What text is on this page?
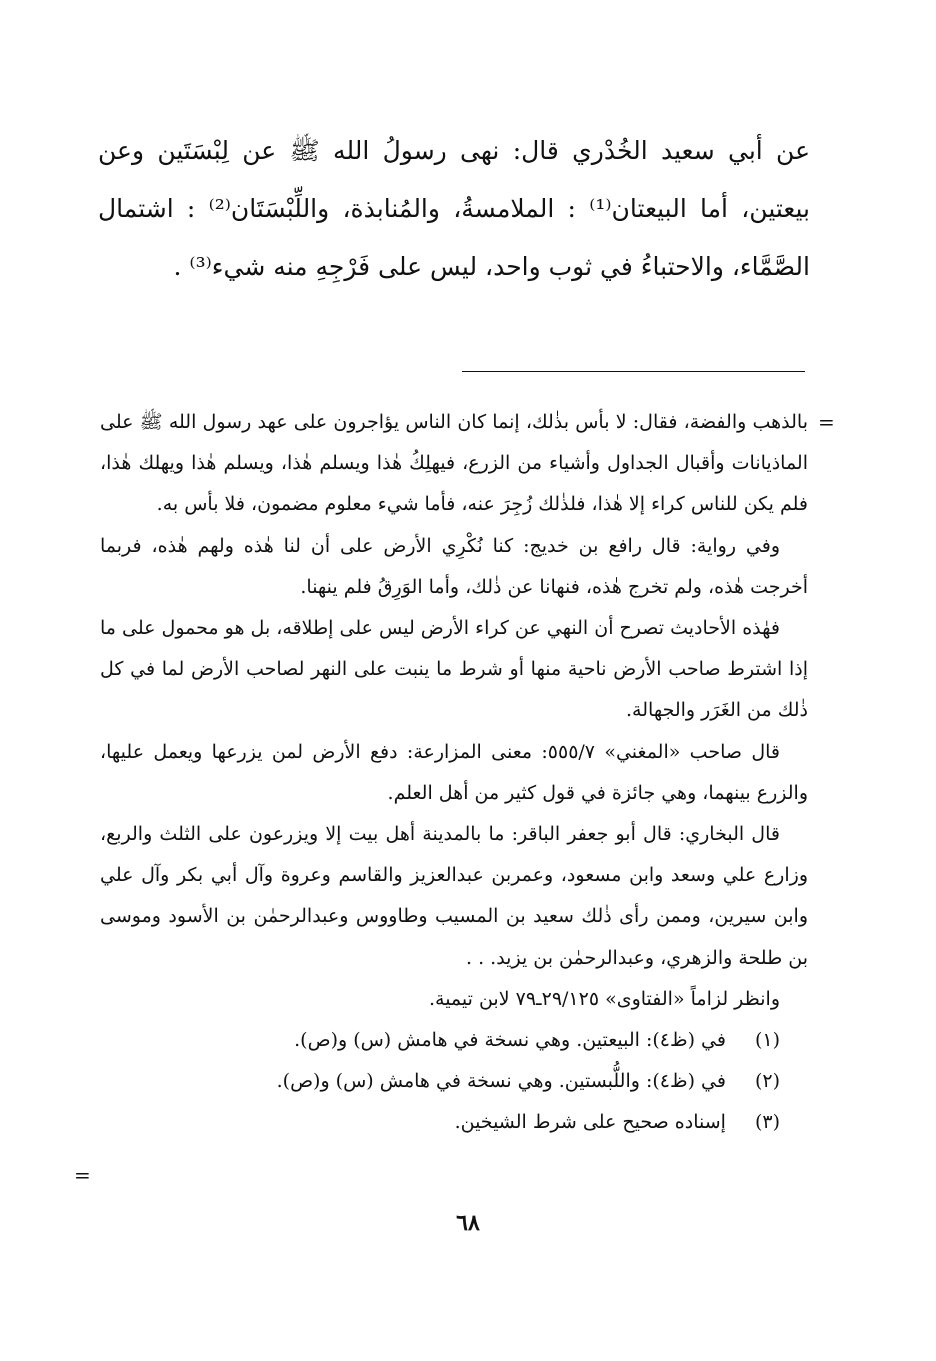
عن أبي سعيد الخُدْري قال: نهى رسولُ الله ﷺ عن لِبْسَتَين وعن بيعتين، أما البيعتان⁽¹⁾ : الملامسةُ، والمُنابذة، واللِّبْسَتَان⁽²⁾ : اشتمال الصَّمَّاء، والاحتباءُ في ثوب واحد، ليس على فَرْجِهِ منه شيء⁽³⁾ .
=

بالذهب والفضة، فقال: لا بأس بذٰلك، إنما كان الناس يؤاجرون على عهد رسول الله ﷺ على الماذيانات وأقبال الجداول وأشياء من الزرع، فيهلِكُ هٰذا ويسلم هٰذا، ويسلم هٰذا ويهلك هٰذا، فلم يكن للناس كراء إلا هٰذا، فلذٰلك زُجِرَ عنه، فأما شيء معلوم مضمون، فلا بأس به.

وفي رواية: قال رافع بن خديج: كنا نُكْرِي الأرض على أن لنا هٰذه ولهم هٰذه، فربما أخرجت هٰذه، ولم تخرج هٰذه، فنهانا عن ذٰلك، وأما الوَرِقُ فلم ينهنا.

فهٰذه الأحاديث تصرح أن النهي عن كراء الأرض ليس على إطلاقه، بل هو محمول على ما إذا اشترط صاحب الأرض ناحية منها أو شرط ما ينبت على النهر لصاحب الأرض لما في كل ذٰلك من الغَرَر والجهالة.

قال صاحب «المغني» ٥٥٥/٧: معنى المزارعة: دفع الأرض لمن يزرعها ويعمل عليها، والزرع بينهما، وهي جائزة في قول كثير من أهل العلم.

قال البخاري: قال أبو جعفر الباقر: ما بالمدينة أهل بيت إلا ويزرعون على الثلث والربع، وزارع علي وسعد وابن مسعود، وعمربن عبدالعزيز والقاسم وعروة وآل أبي بكر وآل علي وابن سيرين، وممن رأى ذٰلك سعيد بن المسيب وطاووس وعبدالرحمٰن بن الأسود وموسى بن طلحة والزهري، وعبدالرحمٰن بن يزيد. . .

وانظر لزاماً «الفتاوى» ٢٩/١٢٥ـ٧٩ لابن تيمية.

(١) في (ظ٤): البيعتين. وهي نسخة في هامش (س) و(ص).
(٢) في (ظ٤): واللُّبستين. وهي نسخة في هامش (س) و(ص).
(٣) إسناده صحيح على شرط الشيخين.
=
٦٨
